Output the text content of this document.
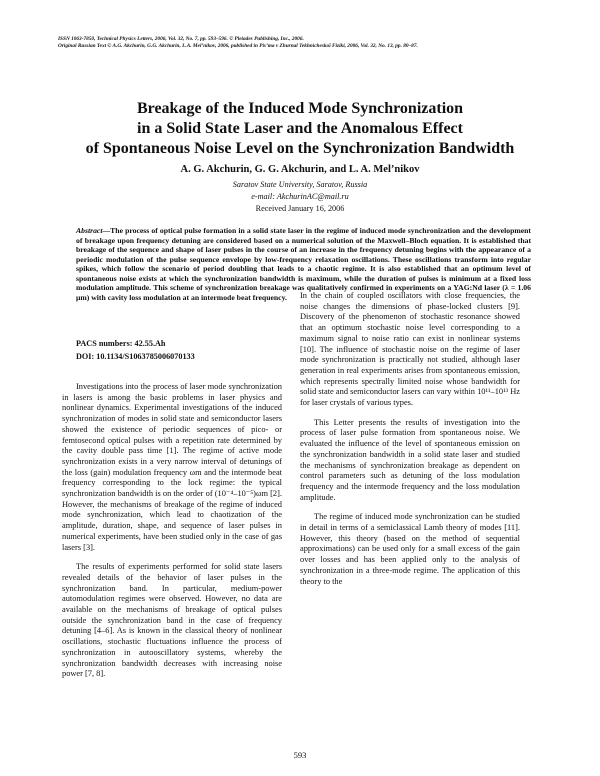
ISSN 1063-7850, Technical Physics Letters, 2006, Vol. 32, No. 7, pp. 593–596. © Pleiades Publishing, Inc., 2006.
Original Russian Text © A.G. Akchurin, G.G. Akchurin, L.A. Mel’nikov, 2006, published in Pis’ma v Zhurnal Tekhnicheskoĭ Fiziki, 2006, Vol. 32, No. 13, pp. 80–87.
Breakage of the Induced Mode Synchronization
in a Solid State Laser and the Anomalous Effect
of Spontaneous Noise Level on the Synchronization Bandwidth
A. G. Akchurin, G. G. Akchurin, and L. A. Mel’nikov
Saratov State University, Saratov, Russia
e-mail: AkchurinAC@mail.ru
Received January 16, 2006

Abstract—The process of optical pulse formation in a solid state laser in the regime of induced mode synchronization and the development of breakage upon frequency detuning are considered based on a numerical solution of the Maxwell–Bloch equation. It is established that breakage of the sequence and shape of laser pulses in the course of an increase in the frequency detuning begins with the appearance of a periodic modulation of the pulse sequence envelope by low-frequency relaxation oscillations. These oscillations transform into regular spikes, which follow the scenario of period doubling that leads to a chaotic regime. It is also established that an optimum level of spontaneous noise exists at which the synchronization bandwidth is maximum, while the duration of pulses is minimum at a fixed loss modulation amplitude. This scheme of synchronization breakage was qualitatively confirmed in experiments on a YAG:Nd laser (λ = 1.06 μm) with cavity loss modulation at an intermode beat frequency.

PACS numbers: 42.55.Ah
DOI: 10.1134/S1063785006070133

Investigations into the process of laser mode synchronization in lasers is among the basic problems in laser physics and nonlinear dynamics. Experimental investigations of the induced synchronization of modes in solid state and semiconductor lasers showed the existence of periodic sequences of pico- or femtosecond optical pulses with a repetition rate determined by the cavity double pass time [1]. The regime of active mode synchronization exists in a very narrow interval of detunings of the loss (gain) modulation frequency ωm and the intermode beat frequency corresponding to the lock regime: the typical synchronization bandwidth is on the order of (10⁻⁴–10⁻⁵)ωm [2]. However, the mechanisms of breakage of the regime of induced mode synchronization, which lead to chaotization of the amplitude, duration, shape, and sequence of laser pulses in numerical experiments, have been studied only in the case of gas lasers [3].

The results of experiments performed for solid state lasers revealed details of the behavior of laser pulses in the synchronization band. In particular, medium-power automodulation regimes were observed. However, no data are available on the mechanisms of breakage of optical pulses outside the synchronization band in the case of frequency detuning [4–6]. As is known in the classical theory of nonlinear oscillations, stochastic fluctuations influence the process of synchronization in autooscillatory systems, whereby the synchronization bandwidth decreases with increasing noise power [7, 8].

In the chain of coupled oscillators with close frequencies, the noise changes the dimensions of phase-locked clusters [9]. Discovery of the phenomenon of stochastic resonance showed that an optimum stochastic noise level corresponding to a maximum signal to noise ratio can exist in nonlinear systems [10]. The influence of stochastic noise on the regime of laser mode synchronization is practically not studied, although laser generation in real experiments arises from spontaneous emission, which represents spectrally limited noise whose bandwidth for solid state and semiconductor lasers can vary within 10¹¹–10¹³ Hz for laser crystals of various types.

This Letter presents the results of investigation into the process of laser pulse formation from spontaneous noise. We evaluated the influence of the level of spontaneous emission on the synchronization bandwidth in a solid state laser and studied the mechanisms of synchronization breakage as dependent on control parameters such as detuning of the loss modulation frequency and the intermode frequency and the loss modulation amplitude.

The regime of induced mode synchronization can be studied in detail in terms of a semiclassical Lamb theory of modes [11]. However, this theory (based on the method of sequential approximations) can be used only for a small excess of the gain over losses and has been applied only to the analysis of synchronization in a three-mode regime. The application of this theory to the

593
